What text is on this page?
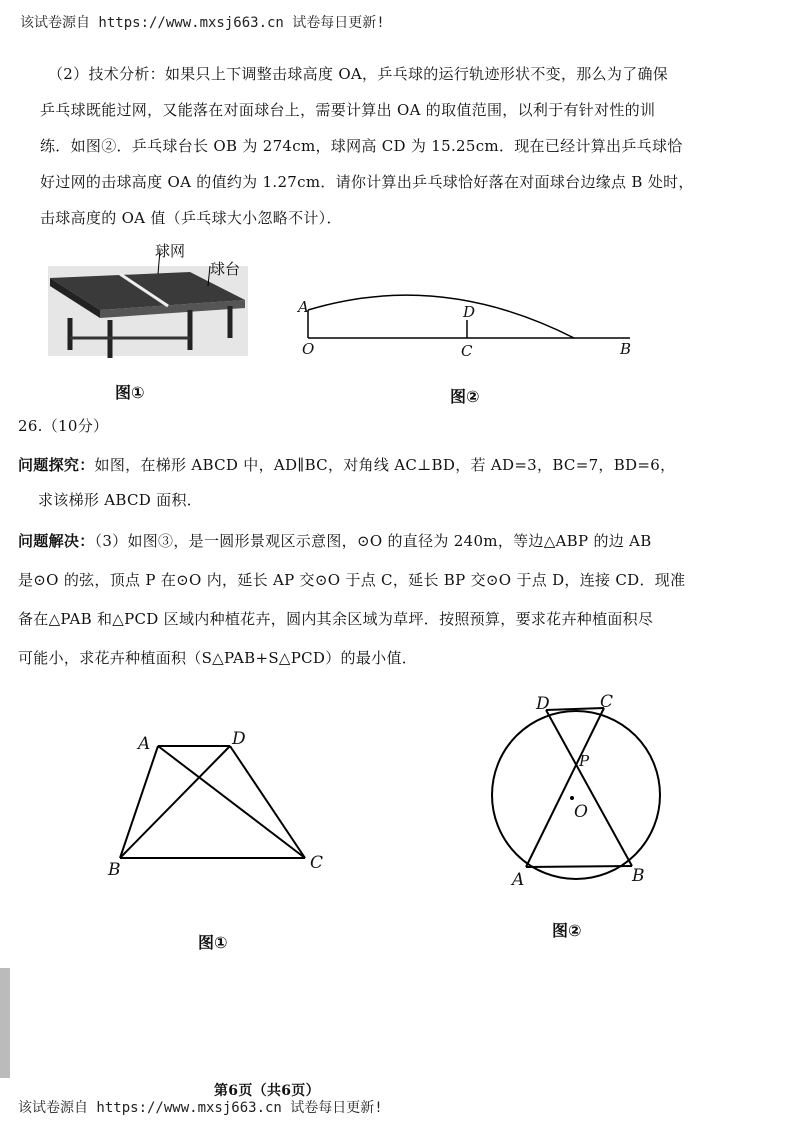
该试卷源自 https://www.mxsj663.cn 试卷每日更新!
（2）技术分析：如果只上下调整击球高度 OA，乒乓球的运行轨迹形状不变，那么为了确保
乒乓球既能过网，又能落在对面球台上，需要计算出 OA 的取值范围，以利于有针对性的训
练．如图②．乒乓球台长 OB 为 274cm，球网高 CD 为 15.25cm．现在已经计算出乒乓球恰
好过网的击球高度 OA 的值约为 1.27cm．请你计算出乒乓球恰好落在对面球台边缘点 B 处时，
击球高度的 OA 值（乒乓球大小忽略不计）．
球网
球台
图①
A	D
O	C	B
图②
26.（10分）
问题探究：如图，在梯形 ABCD 中，AD∥BC，对角线 AC⊥BD，若 AD=3，BC=7，BD=6，
求该梯形 ABCD 面积．
问题解决：（3）如图③，是一圆形景观区示意图，⊙O 的直径为 240m，等边△ABP 的边 AB
是⊙O 的弦，顶点 P 在⊙O 内，延长 AP 交⊙O 于点 C，延长 BP 交⊙O 于点 D，连接 CD．现准
备在△PAB 和△PCD 区域内种植花卉，圆内其余区域为草坪．按照预算，要求花卉种植面积尽
可能小，求花卉种植面积（S△PAB+S△PCD）的最小值．
A	D
B	C
图①
D	C
P
O
A	B
图②
第6页（共6页）
该试卷源自 https://www.mxsj663.cn 试卷每日更新!
